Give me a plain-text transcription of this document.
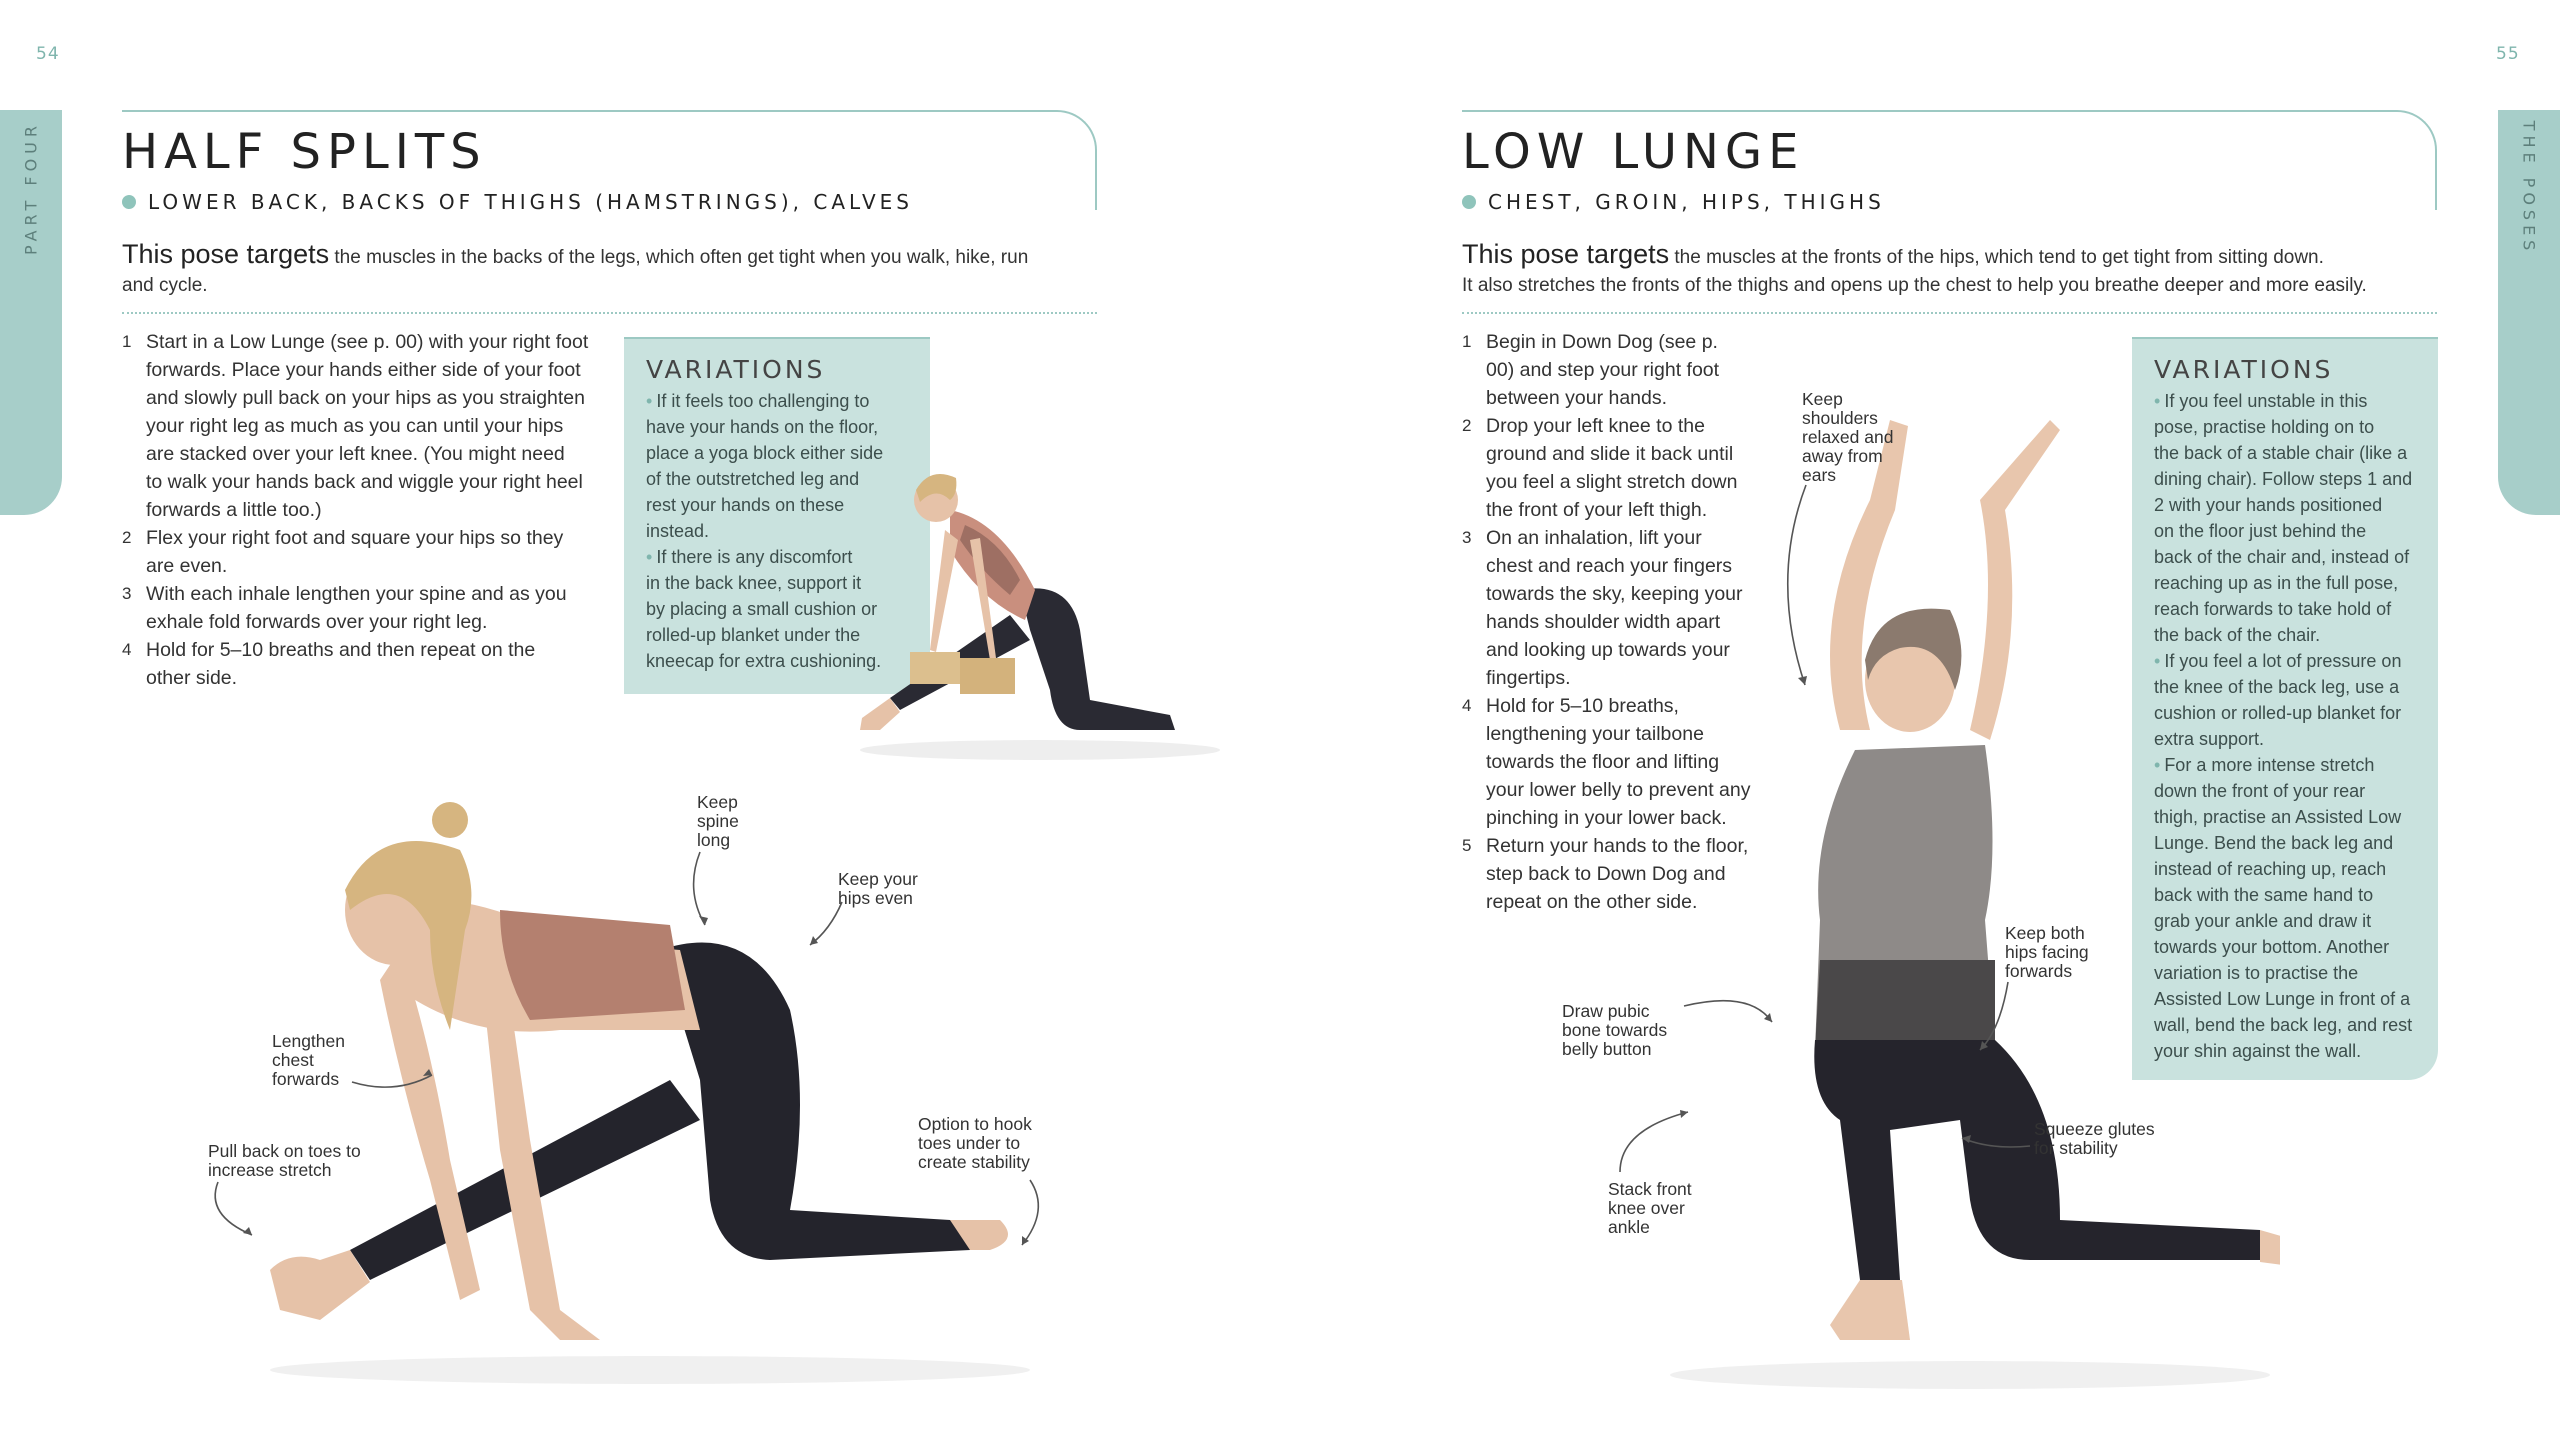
54
PART FOUR HALF SPLITS
LOWER BACK, BACKS OF THIGHS (HAMSTRINGS), CALVES
This pose targets the muscles in the backs of the legs, which often get tight when you walk, hike, run
and cycle.
1 Start in a Low Lunge (see p. 00) with your right foot
forwards. Place your hands either side of your foot
and slowly pull back on your hips as you straighten
your right leg as much as you can until your hips
are stacked over your left knee. (You might need
to walk your hands back and wiggle your right heel
forwards a little too.)
2 Flex your right foot and square your hips so they
are even.
3 With each inhale lengthen your spine and as you
exhale fold forwards over your right leg.
4 Hold for 5–10 breaths and then repeat on the
other side.
VARIATIONS
• If it feels too challenging to
have your hands on the floor,
place a yoga block either side
of the outstretched leg and
rest your hands on these
instead.
• If there is any discomfort
in the back knee, support it
by placing a small cushion or
rolled-up blanket under the
kneecap for extra cushioning.
Keep
spine
long
Keep your
hips even
Lengthen
chest
forwards
Pull back on toes to
increase stretch
Option to hook
toes under to
create stability
55
THE POSES
LOW LUNGE
CHEST, GROIN, HIPS, THIGHS
This pose targets the muscles at the fronts of the hips, which tend to get tight from sitting down.
It also stretches the fronts of the thighs and opens up the chest to help you breathe deeper and more easily.
1 Begin in Down Dog (see p.
00) and step your right foot
between your hands.
2 Drop your left knee to the
ground and slide it back until
you feel a slight stretch down
the front of your left thigh.
3 On an inhalation, lift your
chest and reach your fingers
towards the sky, keeping your
hands shoulder width apart
and looking up towards your
fingertips.
4 Hold for 5–10 breaths,
lengthening your tailbone
towards the floor and lifting
your lower belly to prevent any
pinching in your lower back.
5 Return your hands to the floor,
step back to Down Dog and
repeat on the other side.
VARIATIONS
• If you feel unstable in this
pose, practise holding on to
the back of a stable chair (like a
dining chair). Follow steps 1 and
2 with your hands positioned
on the floor just behind the
back of the chair and, instead of
reaching up as in the full pose,
reach forwards to take hold of
the back of the chair.
• If you feel a lot of pressure on
the knee of the back leg, use a
cushion or rolled-up blanket for
extra support.
• For a more intense stretch
down the front of your rear
thigh, practise an Assisted Low
Lunge. Bend the back leg and
instead of reaching up, reach
back with the same hand to
grab your ankle and draw it
towards your bottom. Another
variation is to practise the
Assisted Low Lunge in front of a
wall, bend the back leg, and rest
your shin against the wall.
Keep
shoulders
relaxed and
away from
ears
Keep both
hips facing
forwards
Draw pubic
bone towards
belly button
Squeeze glutes
for stability
Stack front
knee over
ankle
